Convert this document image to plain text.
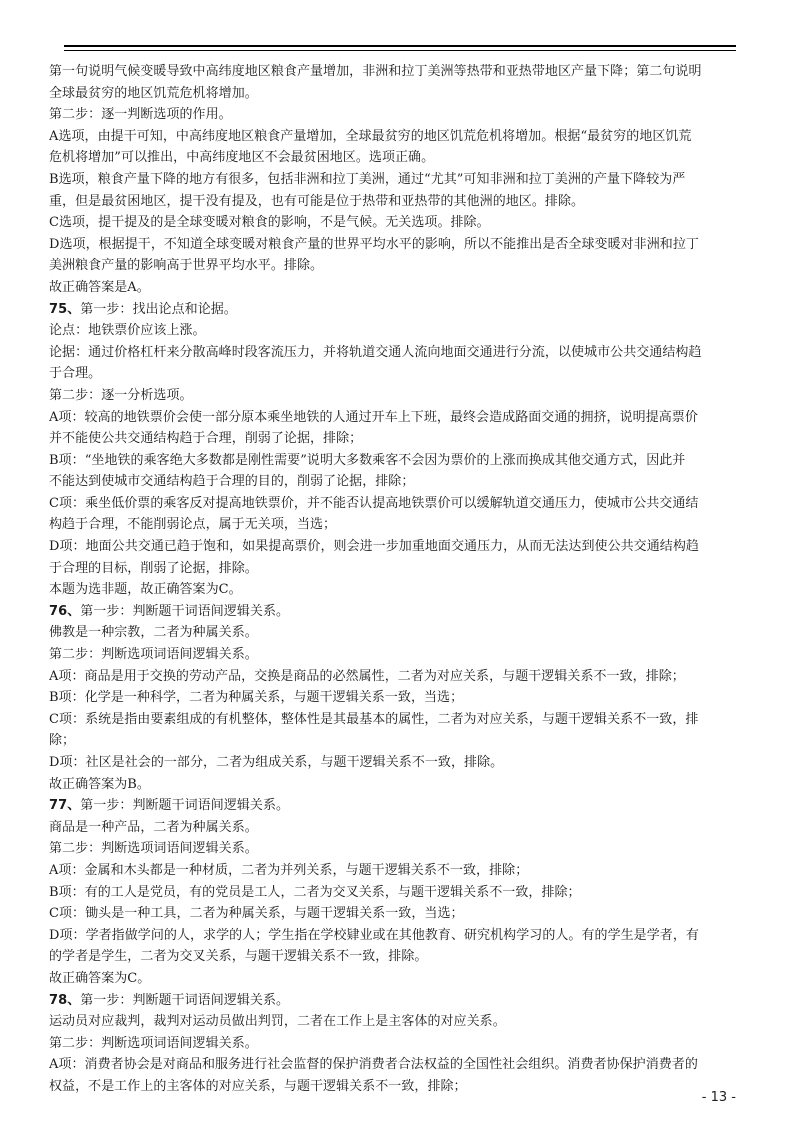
第一句说明气候变暖导致中高纬度地区粮食产量增加，非洲和拉丁美洲等热带和亚热带地区产量下降；第二句说明
全球最贫穷的地区饥荒危机将增加。
第二步：逐一判断选项的作用。
A选项，由提干可知，中高纬度地区粮食产量增加，全球最贫穷的地区饥荒危机将增加。根据“最贫穷的地区饥荒
危机将增加”可以推出，中高纬度地区不会最贫困地区。选项正确。
B选项，粮食产量下降的地方有很多，包括非洲和拉丁美洲，通过“尤其”可知非洲和拉丁美洲的产量下降较为严
重，但是最贫困地区，提干没有提及，也有可能是位于热带和亚热带的其他洲的地区。排除。
C选项，提干提及的是全球变暖对粮食的影响，不是气候。无关选项。排除。
D选项，根据提干，不知道全球变暖对粮食产量的世界平均水平的影响，所以不能推出是否全球变暖对非洲和拉丁
美洲粮食产量的影响高于世界平均水平。排除。
故正确答案是A。
75、第一步：找出论点和论据。
论点：地铁票价应该上涨。
论据：通过价格杠杆来分散高峰时段客流压力，并将轨道交通人流向地面交通进行分流，以使城市公共交通结构趋
于合理。
第二步：逐一分析选项。
A项：较高的地铁票价会使一部分原本乘坐地铁的人通过开车上下班，最终会造成路面交通的拥挤，说明提高票价
并不能使公共交通结构趋于合理，削弱了论据，排除；
B项：“坐地铁的乘客绝大多数都是刚性需要”说明大多数乘客不会因为票价的上涨而换成其他交通方式，因此并
不能达到使城市交通结构趋于合理的目的，削弱了论据，排除；
C项：乘坐低价票的乘客反对提高地铁票价，并不能否认提高地铁票价可以缓解轨道交通压力，使城市公共交通结
构趋于合理，不能削弱论点，属于无关项，当选；
D项：地面公共交通已趋于饱和，如果提高票价，则会进一步加重地面交通压力，从而无法达到使公共交通结构趋
于合理的目标，削弱了论据，排除。
本题为选非题，故正确答案为C。
76、第一步：判断题干词语间逻辑关系。
佛教是一种宗教，二者为种属关系。
第二步：判断选项词语间逻辑关系。
A项：商品是用于交换的劳动产品，交换是商品的必然属性，二者为对应关系，与题干逻辑关系不一致，排除；
B项：化学是一种科学，二者为种属关系，与题干逻辑关系一致，当选；
C项：系统是指由要素组成的有机整体，整体性是其最基本的属性，二者为对应关系，与题干逻辑关系不一致，排
除；
D项：社区是社会的一部分，二者为组成关系，与题干逻辑关系不一致，排除。
故正确答案为B。
77、第一步：判断题干词语间逻辑关系。
商品是一种产品，二者为种属关系。
第二步：判断选项词语间逻辑关系。
A项：金属和木头都是一种材质，二者为并列关系，与题干逻辑关系不一致，排除；
B项：有的工人是党员，有的党员是工人，二者为交叉关系，与题干逻辑关系不一致，排除；
C项：锄头是一种工具，二者为种属关系，与题干逻辑关系一致，当选；
D项：学者指做学问的人，求学的人；学生指在学校肄业或在其他教育、研究机构学习的人。有的学生是学者，有
的学者是学生，二者为交叉关系，与题干逻辑关系不一致，排除。
故正确答案为C。
78、第一步：判断题干词语间逻辑关系。
运动员对应裁判，裁判对运动员做出判罚，二者在工作上是主客体的对应关系。
第二步：判断选项词语间逻辑关系。
A项：消费者协会是对商品和服务进行社会监督的保护消费者合法权益的全国性社会组织。消费者协保护消费者的
权益，不是工作上的主客体的对应关系，与题干逻辑关系不一致，排除；
- 13 -
